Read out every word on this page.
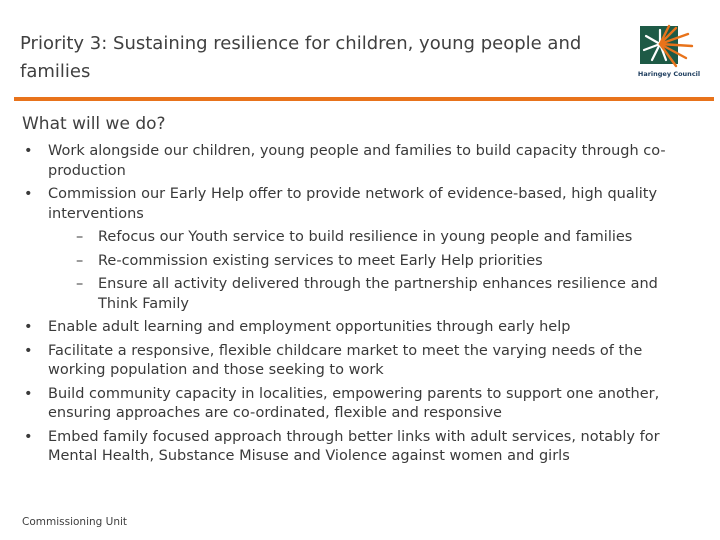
Priority 3: Sustaining resilience for children, young people and families	Haringey Council
What will we do?
• Work alongside our children, young people and families to build capacity through co-production
• Commission our Early Help offer to provide network of evidence-based, high quality interventions
– Refocus our Youth service to build resilience in young people and families
– Re-commission existing services to meet Early Help priorities
– Ensure all activity delivered through the partnership enhances resilience and Think Family
• Enable adult learning and employment opportunities through early help
• Facilitate a responsive, flexible childcare market to meet the varying needs of the working population and those seeking to work
• Build community capacity in localities, empowering parents to support one another, ensuring approaches are co-ordinated, flexible and responsive
• Embed family focused approach through better links with adult services, notably for Mental Health, Substance Misuse and Violence against women and girls
Commissioning Unit
